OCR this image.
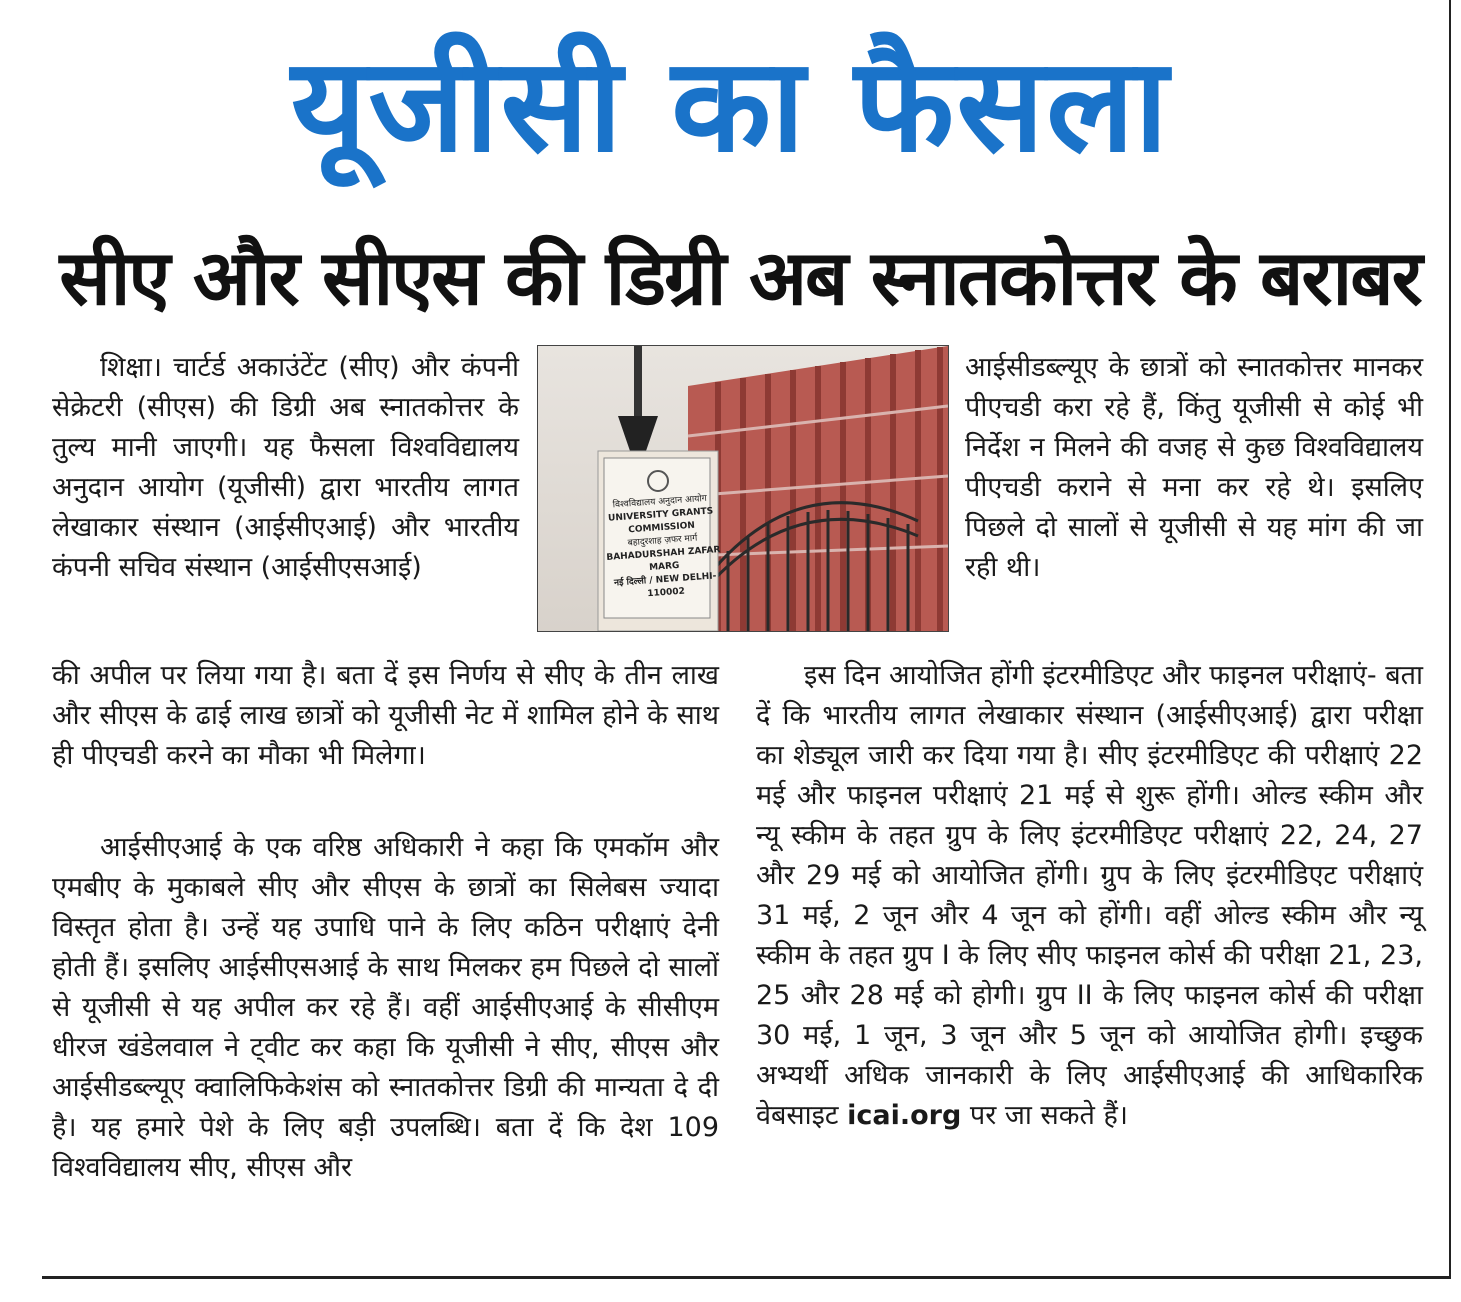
यूजीसी का फैसला
सीए और सीएस की डिग्री अब स्नातकोत्तर के बराबर

शिक्षा। चार्टर्ड अकाउंटेंट (सीए) और कंपनी सेक्रेटरी (सीएस) की डिग्री अब स्नातकोत्तर के तुल्य मानी जाएगी। यह फैसला विश्वविद्यालय अनुदान आयोग (यूजीसी) द्वारा भारतीय लागत लेखाकार संस्थान (आईसीएआई) और भारतीय कंपनी सचिव संस्थान (आईसीएसआई)

विश्वविद्यालय अनुदान आयोग
UNIVERSITY GRANTS COMMISSION
बहादुरशाह ज़फर मार्ग
BAHADURSHAH ZAFAR MARG
नई दिल्ली / NEW DELHI-110002

आईसीडब्ल्यूए के छात्रों को स्नातकोत्तर मानकर पीएचडी करा रहे हैं, किंतु यूजीसी से कोई भी निर्देश न मिलने की वजह से कुछ विश्वविद्यालय पीएचडी कराने से मना कर रहे थे। इसलिए पिछले दो सालों से यूजीसी से यह मांग की जा रही थी।

की अपील पर लिया गया है। बता दें इस निर्णय से सीए के तीन लाख और सीएस के ढाई लाख छात्रों को यूजीसी नेट में शामिल होने के साथ ही पीएचडी करने का मौका भी मिलेगा।

आईसीएआई के एक वरिष्ठ अधिकारी ने कहा कि एमकॉम और एमबीए के मुकाबले सीए और सीएस के छात्रों का सिलेबस ज्यादा विस्तृत होता है। उन्हें यह उपाधि पाने के लिए कठिन परीक्षाएं देनी होती हैं। इसलिए आईसीएसआई के साथ मिलकर हम पिछले दो सालों से यूजीसी से यह अपील कर रहे हैं। वहीं आईसीएआई के सीसीएम धीरज खंडेलवाल ने ट्वीट कर कहा कि यूजीसी ने सीए, सीएस और आईसीडब्ल्यूए क्वालिफिकेशंस को स्नातकोत्तर डिग्री की मान्यता दे दी है। यह हमारे पेशे के लिए बड़ी उपलब्धि। बता दें कि देश 109 विश्वविद्यालय सीए, सीएस और

इस दिन आयोजित होंगी इंटरमीडिएट और फाइनल परीक्षाएं- बता दें कि भारतीय लागत लेखाकार संस्थान (आईसीएआई) द्वारा परीक्षा का शेड्यूल जारी कर दिया गया है। सीए इंटरमीडिएट की परीक्षाएं 22 मई और फाइनल परीक्षाएं 21 मई से शुरू होंगी। ओल्ड स्कीम और न्यू स्कीम के तहत ग्रुप के लिए इंटरमीडिएट परीक्षाएं 22, 24, 27 और 29 मई को आयोजित होंगी। ग्रुप के लिए इंटरमीडिएट परीक्षाएं 31 मई, 2 जून और 4 जून को होंगी। वहीं ओल्ड स्कीम और न्यू स्कीम के तहत ग्रुप I के लिए सीए फाइनल कोर्स की परीक्षा 21, 23, 25 और 28 मई को होगी। ग्रुप II के लिए फाइनल कोर्स की परीक्षा 30 मई, 1 जून, 3 जून और 5 जून को आयोजित होगी। इच्छुक अभ्यर्थी अधिक जानकारी के लिए आईसीएआई की आधिकारिक वेबसाइट icai.org पर जा सकते हैं।
